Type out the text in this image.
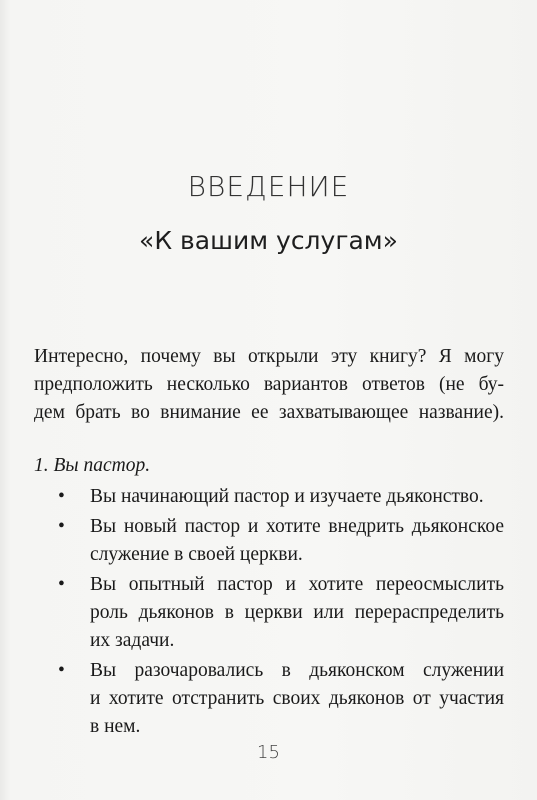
ВВЕДЕНИЕ
«К вашим услугам»
Интересно, почему вы открыли эту книгу? Я могу
предположить несколько вариантов ответов (не бу-
дем брать во внимание ее захватывающее название).
1. Вы пастор.
• Вы начинающий пастор и изучаете дьяконство.
• Вы новый пастор и хотите внедрить дьяконское
служение в своей церкви.
• Вы опытный пастор и хотите переосмыслить
роль дьяконов в церкви или перераспределить
их задачи.
• Вы разочаровались в дьяконском служении
и хотите отстранить своих дьяконов от участия
в нем.
15
